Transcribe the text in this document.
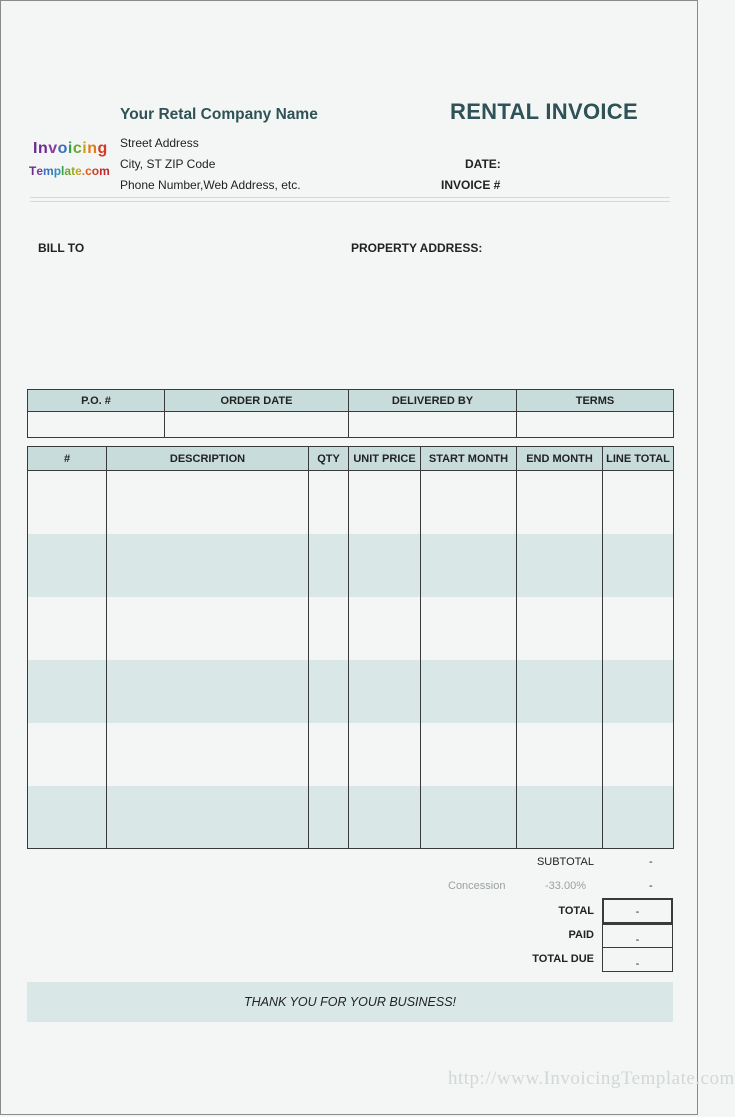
Invoicing
Template.com
Your Retal Company Name
Street Address
City, ST ZIP Code
Phone Number,Web Address, etc.
RENTAL INVOICE
DATE:
INVOICE #
BILL TO	PROPERTY ADDRESS:
P.O. #	ORDER DATE	DELIVERED BY	TERMS

#	DESCRIPTION	QTY	UNIT PRICE	START MONTH	END MONTH	LINE TOTAL

SUBTOTAL	-
Concession	-33.00%	-
TOTAL	-
PAID	-
TOTAL DUE	-
THANK YOU FOR YOUR BUSINESS!
http://www.InvoicingTemplate.com
